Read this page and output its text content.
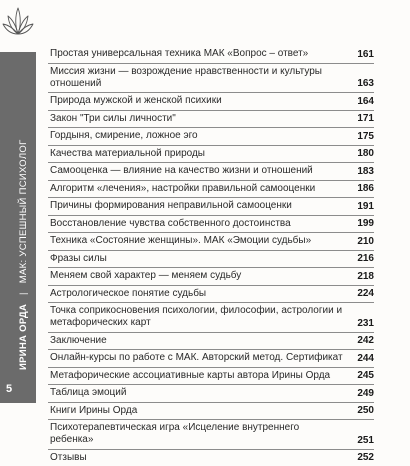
ИРИНА ОРДА | МАК: УСПЕШНЫЙ ПСИХОЛОГ
5
Простая универсальная техника МАК «Вопрос – ответ»	161
Миссия жизни — возрождение нравственности и культуры отношений	163
Природа мужской и женской психики	164
Закон "Три силы личности"	171
Гордыня, смирение, ложное эго	175
Качества материальной природы	180
Самооценка — влияние на качество жизни и отношений	183
Алгоритм «лечения», настройки правильной самооценки	186
Причины формирования неправильной самооценки	191
Восстановление чувства собственного достоинства	199
Техника «Состояние женщины». МАК «Эмоции судьбы»	210
Фразы силы	216
Меняем свой характер — меняем судьбу	218
Астрологическое понятие судьбы	224
Точка соприкосновения психологии, философии, астрологии и метафорических карт	231
Заключение	242
Онлайн-курсы по работе с МАК. Авторский метод. Сертификат 244
Метафорические ассоциативные карты автора Ирины Орда	245
Таблица эмоций	249
Книги Ирины Орда	250
Психотерапевтическая игра «Исцеление внутреннего ребенка»	251
Отзывы	252
